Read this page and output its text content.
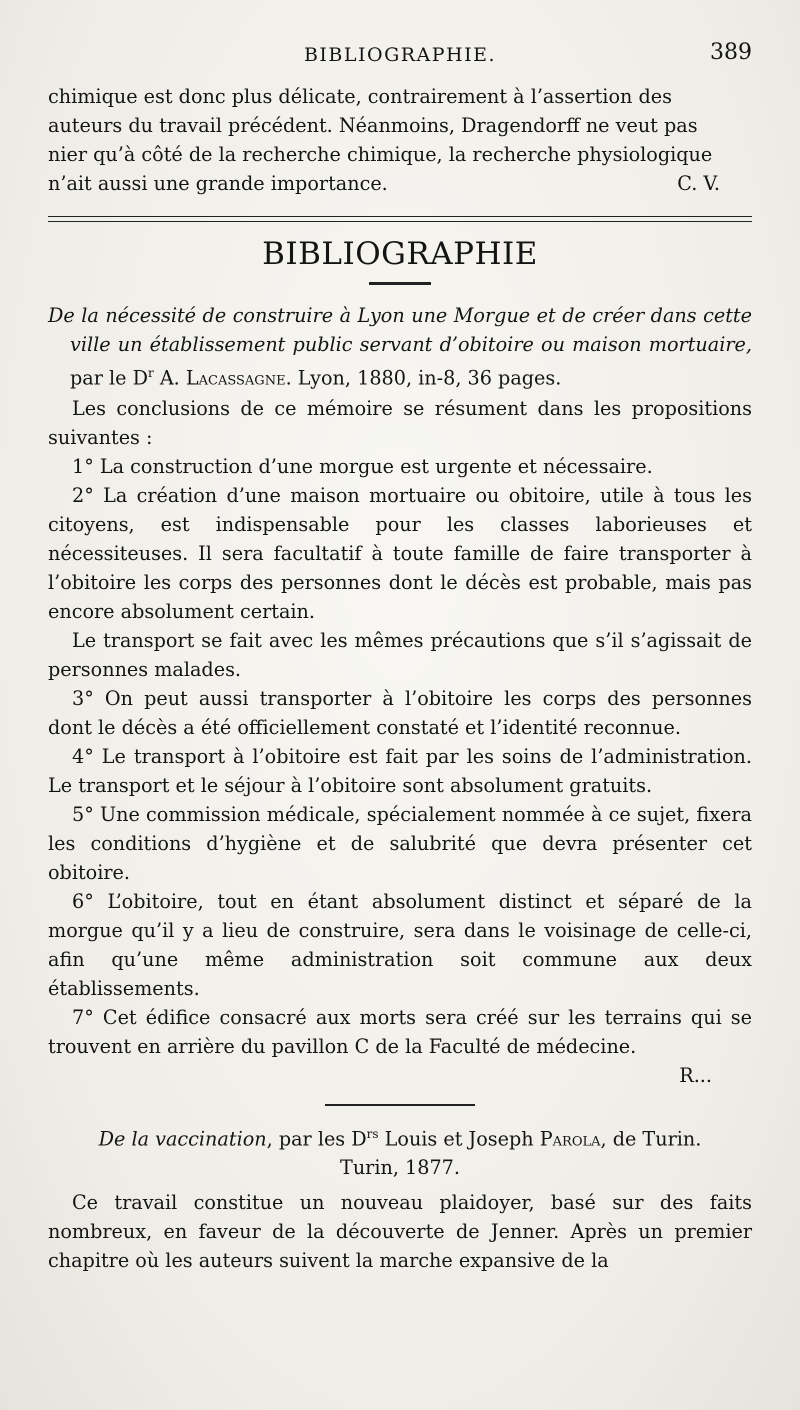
BIBLIOGRAPHIE.	389

chimique est donc plus délicate, contrairement à l’assertion des

auteurs du travail précédent. Néanmoins, Dragendorff ne veut pas

nier qu’à côté de la recherche chimique, la recherche physiologique

n’ait aussi une grande importance.	C. V.

BIBLIOGRAPHIE

De la nécessité de construire à Lyon une Morgue et de créer dans cette ville un établissement public servant d’obitoire ou maison mortuaire, par le $D^r$ A. Lacassagne. Lyon, 1880, in-8, 36 pages.

Les conclusions de ce mémoire se résument dans les propositions suivantes :

1° La construction d’une morgue est urgente et nécessaire.

2° La création d’une maison mortuaire ou obitoire, utile à tous les citoyens, est indispensable pour les classes laborieuses et nécessiteuses. Il sera facultatif à toute famille de faire transporter à l’obitoire les corps des personnes dont le décès est probable, mais pas encore absolument certain.

Le transport se fait avec les mêmes précautions que s’il s’agissait de personnes malades.

3° On peut aussi transporter à l’obitoire les corps des personnes dont le décès a été officiellement constaté et l’identité reconnue.

4° Le transport à l’obitoire est fait par les soins de l’administration. Le transport et le séjour à l’obitoire sont absolument gratuits.

5° Une commission médicale, spécialement nommée à ce sujet, fixera les conditions d’hygiène et de salubrité que devra présenter cet obitoire.

6° L’obitoire, tout en étant absolument distinct et séparé de la morgue qu’il y a lieu de construire, sera dans le voisinage de celle-ci, afin qu’une même administration soit commune aux deux établissements.

7° Cet édifice consacré aux morts sera créé sur les terrains qui se trouvent en arrière du pavillon C de la Faculté de médecine.

R...

De la vaccination, par les $D^{rs}$ Louis et Joseph Parola, de Turin.

Turin, 1877.

Ce travail constitue un nouveau plaidoyer, basé sur des faits nombreux, en faveur de la découverte de Jenner. Après un premier chapitre où les auteurs suivent la marche expansive de la
